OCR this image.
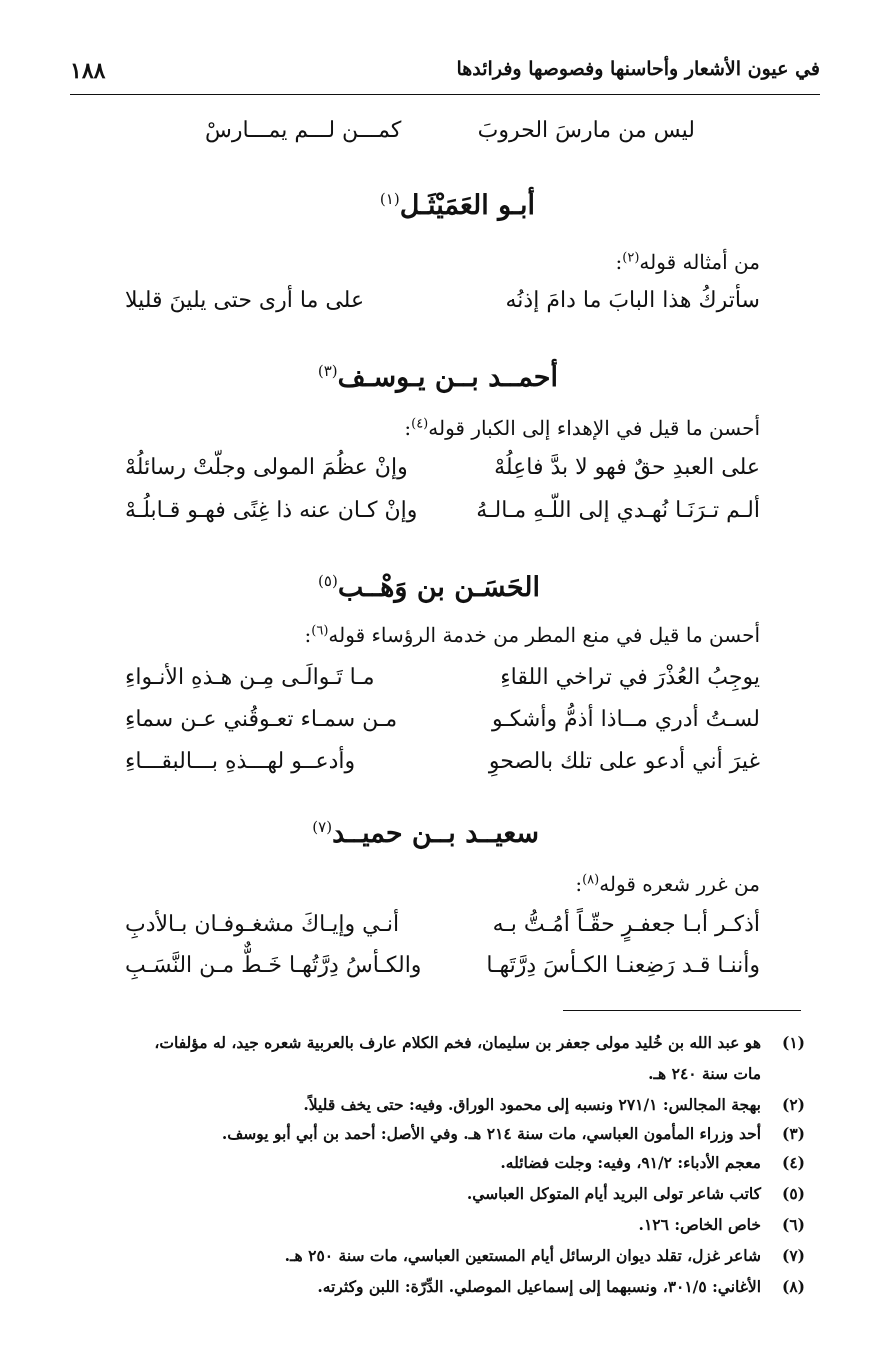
في عيون الأشعار وأحاسنها وفصوصها وفرائدها
١٨٨
ليس من مارسَ الحروبَ
كمـــن لـــم يمـــارسْ
أبـو العَمَيْثَـل$^{(١)}$
من أمثاله قوله$^{(٢)}$:
سأتركُ هذا البابَ ما دامَ إذنُه
على ما أرى حتى يلينَ قليلا
أحمــد بــن يـوسـف$^{(٣)}$
أحسن ما قيل في الإهداء إلى الكبار قوله$^{(٤)}$:
على العبدِ حقٌ فهو لا بدَّ فاعِلُهْ
وإنْ عظُمَ المولى وجلّتْ رسائلُهْ
ألـم تـرَنَـا نُهـدي إلى اللّـهِ مـالـهُ
وإنْ كـان عنه ذا غِنًى فهـو قـابلُـهْ
الحَسَـن بن وَهْــب$^{(٥)}$
أحسن ما قيل في منع المطر من خدمة الرؤساء قوله$^{(٦)}$:
يوجِبُ العُذْرَ في تراخي اللقاءِ
مـا تَـوالَـى مِـن هـذهِ الأنـواءِ
لسـتُ أدري مــاذا أذمُّ وأشكـو
مـن سمـاء تعـوقُني عـن سماءِ
غيرَ أني أدعو على تلك بالصحوِ
وأدعــو لهـــذهِ بـــالبقـــاءِ
سعيــد بــن حميــد$^{(٧)}$
من غرر شعره قوله$^{(٨)}$:
أذكـر أبـا جعفـرٍ حقّـاً أمُـتُّ بـه
أنـي وإيـاكَ مشغـوفـان بـالأدبِ
وأننـا قـد رَضِعنـا الكـأسَ دِرَّتَهـا
والكـأسُ دِرَّتُهـا خَـطٌّ مـن النَّسَـبِ
(١)
هو عبد الله بن خُليد مولى جعفر بن سليمان، فخم الكلام عارف بالعربية شعره جيد، له مؤلفات،
مات سنة ٢٤٠ هـ.
(٢)
بهجة المجالس: ٢٧١/١ ونسبه إلى محمود الوراق. وفيه: حتى يخف قليلاً.
(٣)
أحد وزراء المأمون العباسي، مات سنة ٢١٤ هـ. وفي الأصل: أحمد بن أبي أبو يوسف.
(٤)
معجم الأدباء: ٩١/٢، وفيه: وجلت فضائله.
(٥)
كاتب شاعر تولى البريد أيام المتوكل العباسي.
(٦)
خاص الخاص: ١٢٦.
(٧)
شاعر غزل، تقلد ديوان الرسائل أيام المستعين العباسي، مات سنة ٢٥٠ هـ.
(٨)
الأغاني: ٣٠١/٥، ونسبهما إلى إسماعيل الموصلي. الدِّرّة: اللبن وكثرته.
